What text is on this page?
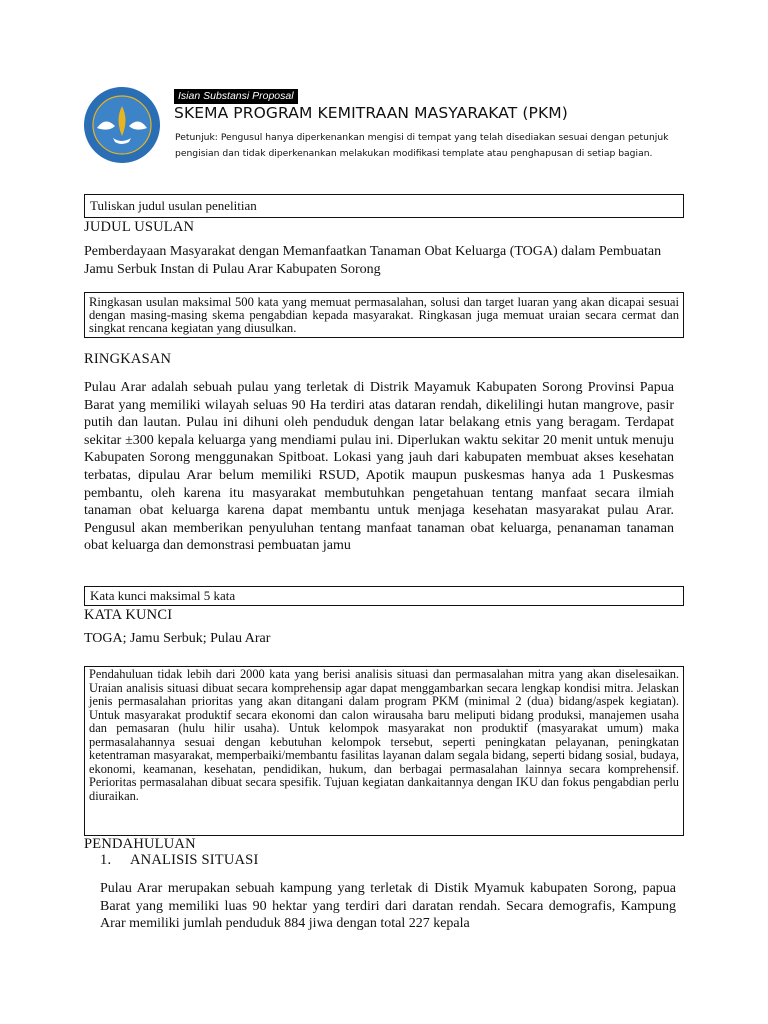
Isian Substansi Proposal
SKEMA PROGRAM KEMITRAAN MASYARAKAT (PKM)
Petunjuk: Pengusul hanya diperkenankan mengisi di tempat yang telah disediakan sesuai dengan petunjuk pengisian dan tidak diperkenankan melakukan modifikasi template atau penghapusan di setiap bagian.
Tuliskan judul usulan penelitian
JUDUL USULAN
Pemberdayaan Masyarakat dengan Memanfaatkan Tanaman Obat Keluarga (TOGA) dalam Pembuatan Jamu Serbuk Instan di Pulau Arar Kabupaten Sorong
Ringkasan usulan maksimal 500 kata yang memuat permasalahan, solusi dan target luaran yang akan dicapai sesuai dengan masing-masing skema pengabdian kepada masyarakat. Ringkasan juga memuat uraian secara cermat dan singkat rencana kegiatan yang diusulkan.
RINGKASAN
Pulau Arar adalah sebuah pulau yang terletak di Distrik Mayamuk Kabupaten Sorong Provinsi Papua Barat yang memiliki wilayah seluas 90 Ha terdiri atas dataran rendah, dikelilingi hutan mangrove, pasir putih dan lautan. Pulau ini dihuni oleh penduduk dengan latar belakang etnis yang beragam. Terdapat sekitar ±300 kepala keluarga yang mendiami pulau ini. Diperlukan waktu sekitar 20 menit untuk menuju Kabupaten Sorong menggunakan Spitboat. Lokasi yang jauh dari kabupaten membuat akses kesehatan terbatas, dipulau Arar belum memiliki RSUD, Apotik maupun puskesmas hanya ada 1 Puskesmas pembantu, oleh karena itu masyarakat membutuhkan pengetahuan tentang manfaat secara ilmiah tanaman obat keluarga karena dapat membantu untuk menjaga kesehatan masyarakat pulau Arar. Pengusul akan memberikan penyuluhan tentang manfaat tanaman obat keluarga, penanaman tanaman obat keluarga dan demonstrasi pembuatan jamu
Kata kunci maksimal 5 kata
KATA KUNCI
TOGA; Jamu Serbuk; Pulau Arar
Pendahuluan tidak lebih dari 2000 kata yang berisi analisis situasi dan permasalahan mitra yang akan diselesaikan. Uraian analisis situasi dibuat secara komprehensip agar dapat menggambarkan secara lengkap kondisi mitra. Jelaskan jenis permasalahan prioritas yang akan ditangani dalam program PKM (minimal 2 (dua) bidang/aspek kegiatan). Untuk masyarakat produktif secara ekonomi dan calon wirausaha baru meliputi bidang produksi, manajemen usaha dan pemasaran (hulu hilir usaha). Untuk kelompok masyarakat non produktif (masyarakat umum) maka permasalahannya sesuai dengan kebutuhan kelompok tersebut, seperti peningkatan pelayanan, peningkatan ketentraman masyarakat, memperbaiki/membantu fasilitas layanan dalam segala bidang, seperti bidang sosial, budaya, ekonomi, keamanan, kesehatan, pendidikan, hukum, dan berbagai permasalahan lainnya secara komprehensif. Perioritas permasalahan dibuat secara spesifik. Tujuan kegiatan dankaitannya dengan IKU dan fokus pengabdian perlu diuraikan.
PENDAHULUAN
1. ANALISIS SITUASI
Pulau Arar merupakan sebuah kampung yang terletak di Distik Myamuk kabupaten Sorong, papua Barat yang memiliki luas 90 hektar yang terdiri dari daratan rendah. Secara demografis, Kampung Arar memiliki jumlah penduduk 884 jiwa dengan total 227 kepala
